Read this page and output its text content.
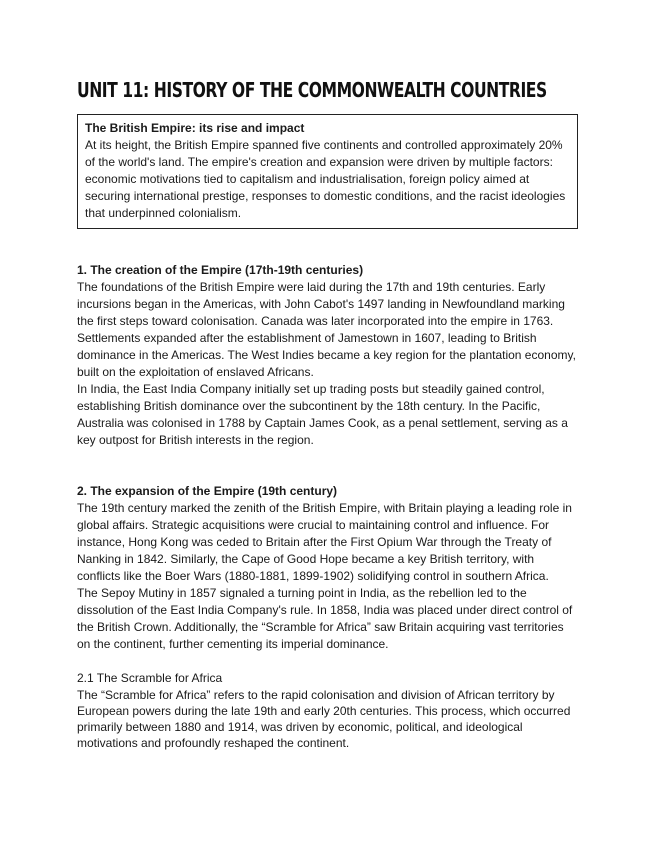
UNIT 11: HISTORY OF THE COMMONWEALTH COUNTRIES
The British Empire: its rise and impact
At its height, the British Empire spanned five continents and controlled approximately 20% of the world's land. The empire's creation and expansion were driven by multiple factors: economic motivations tied to capitalism and industrialisation, foreign policy aimed at securing international prestige, responses to domestic conditions, and the racist ideologies that underpinned colonialism.
1. The creation of the Empire (17th-19th centuries)

The foundations of the British Empire were laid during the 17th and 19th centuries. Early incursions began in the Americas, with John Cabot's 1497 landing in Newfoundland marking the first steps toward colonisation. Canada was later incorporated into the empire in 1763. Settlements expanded after the establishment of Jamestown in 1607, leading to British dominance in the Americas. The West Indies became a key region for the plantation economy, built on the exploitation of enslaved Africans.

In India, the East India Company initially set up trading posts but steadily gained control, establishing British dominance over the subcontinent by the 18th century. In the Pacific, Australia was colonised in 1788 by Captain James Cook, as a penal settlement, serving as a key outpost for British interests in the region.

2. The expansion of the Empire (19th century)

The 19th century marked the zenith of the British Empire, with Britain playing a leading role in global affairs. Strategic acquisitions were crucial to maintaining control and influence. For instance, Hong Kong was ceded to Britain after the First Opium War through the Treaty of Nanking in 1842. Similarly, the Cape of Good Hope became a key British territory, with conflicts like the Boer Wars (1880-1881, 1899-1902) solidifying control in southern Africa.

The Sepoy Mutiny in 1857 signaled a turning point in India, as the rebellion led to the dissolution of the East India Company's rule. In 1858, India was placed under direct control of the British Crown. Additionally, the “Scramble for Africa” saw Britain acquiring vast territories on the continent, further cementing its imperial dominance.

2.1 The Scramble for Africa

The “Scramble for Africa” refers to the rapid colonisation and division of African territory by European powers during the late 19th and early 20th centuries. This process, which occurred primarily between 1880 and 1914, was driven by economic, political, and ideological motivations and profoundly reshaped the continent.
